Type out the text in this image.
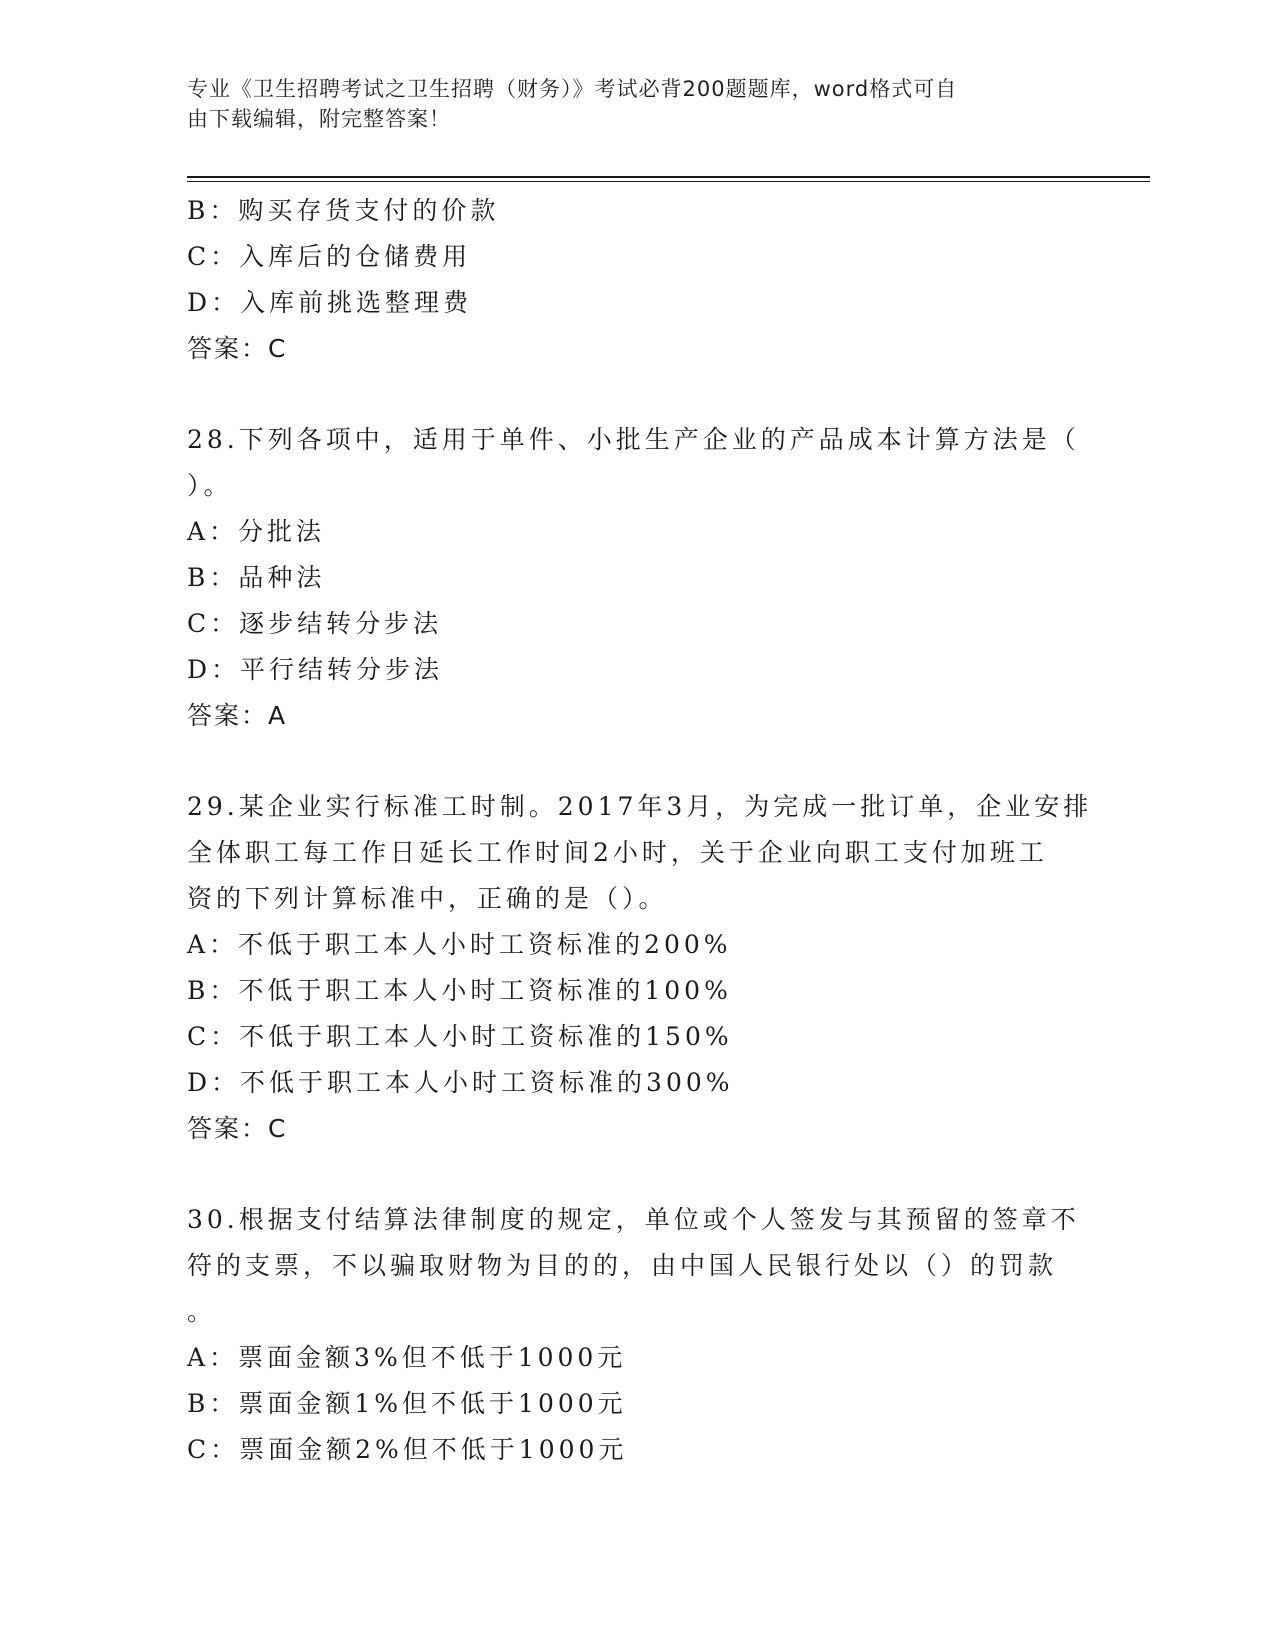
专业《卫生招聘考试之卫生招聘（财务）》考试必背200题题库，word格式可自
由下载编辑，附完整答案！
B：购买存货支付的价款
C：入库后的仓储费用
D：入库前挑选整理费
答案：C
28.下列各项中，适用于单件、小批生产企业的产品成本计算方法是（
）。
A：分批法
B：品种法
C：逐步结转分步法
D：平行结转分步法
答案：A
29.某企业实行标准工时制。2017年3月，为完成一批订单，企业安排
全体职工每工作日延长工作时间2小时，关于企业向职工支付加班工
资的下列计算标准中，正确的是（）。
A：不低于职工本人小时工资标准的200%
B：不低于职工本人小时工资标准的100%
C：不低于职工本人小时工资标准的150%
D：不低于职工本人小时工资标准的300%
答案：C
30.根据支付结算法律制度的规定，单位或个人签发与其预留的签章不
符的支票，不以骗取财物为目的的，由中国人民银行处以（）的罚款
。
A：票面金额3%但不低于1000元
B：票面金额1%但不低于1000元
C：票面金额2%但不低于1000元
